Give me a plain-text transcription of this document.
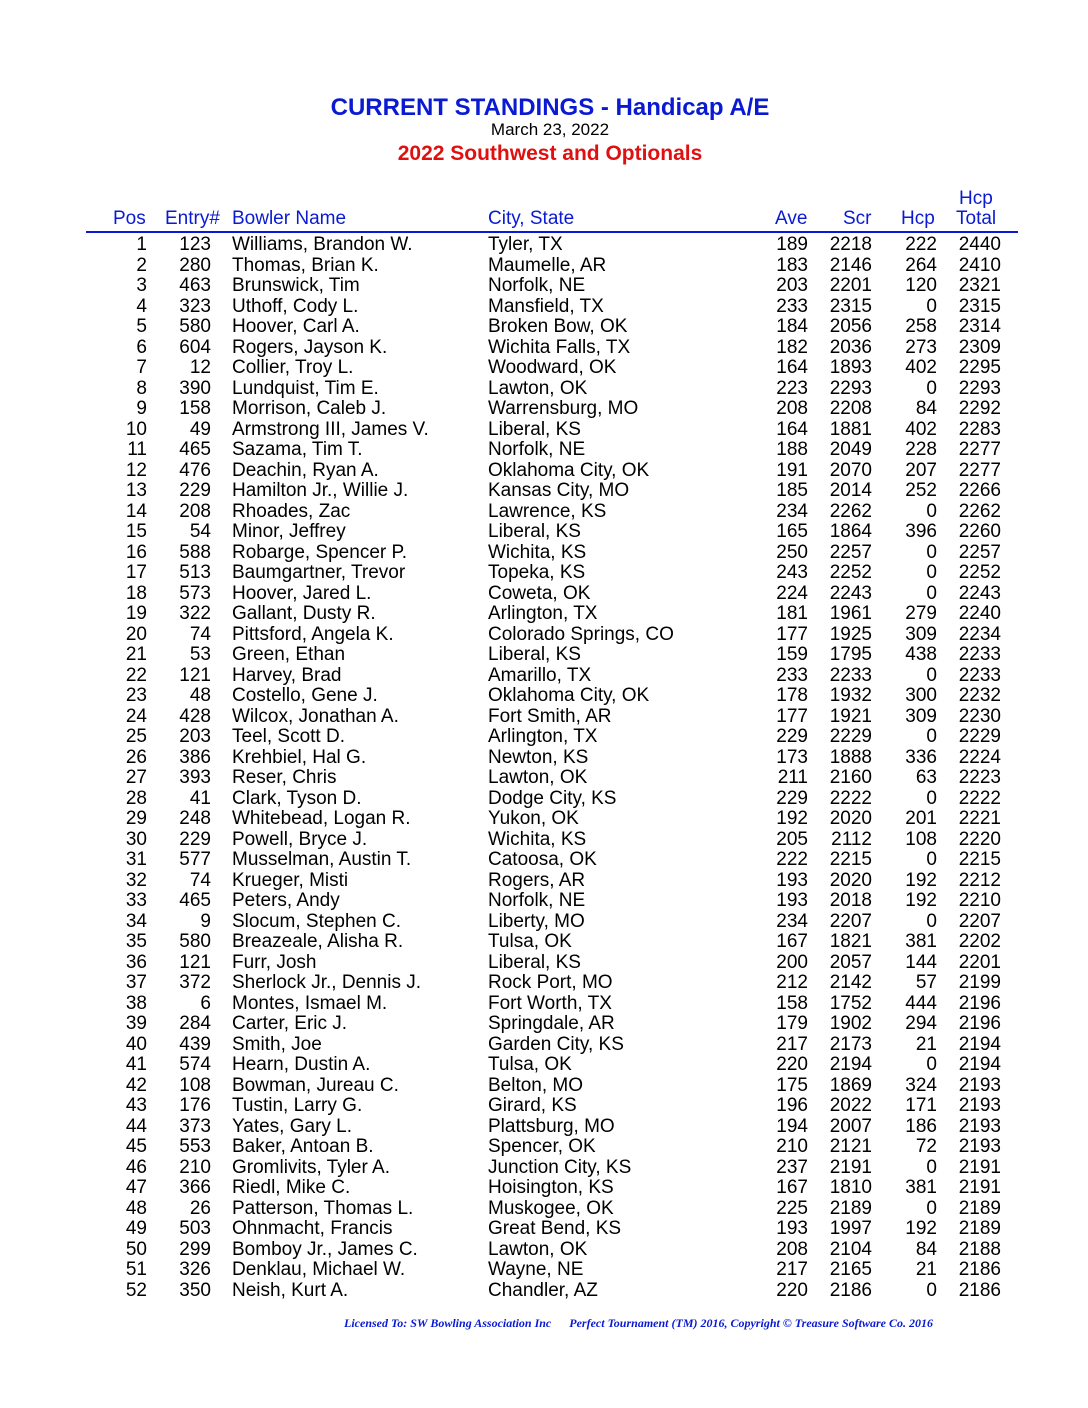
CURRENT STANDINGS - Handicap A/E
March 23, 2022
2022 Southwest and Optionals
Pos Entry# Bowler Name	City, State	Ave Scr Hcp
Hcp
Total
1 123 Williams, Brandon W.	Tyler, TX	189 2218 222 2440
2 280 Thomas, Brian K.	Maumelle, AR	183 2146 264 2410
3 463 Brunswick, Tim	Norfolk, NE	203 2201 120 2321
4 323 Uthoff, Cody L.	Mansfield, TX	233 2315	0 2315
5 580 Hoover, Carl A.	Broken Bow, OK	184 2056 258 2314
6 604 Rogers, Jayson K.	Wichita Falls, TX	182 2036 273 2309
7 12 Collier, Troy L.	Woodward, OK	164 1893 402 2295
8 390 Lundquist, Tim E.	Lawton, OK	223 2293	0 2293
9 158 Morrison, Caleb J.	Warrensburg, MO	208 2208 84 2292
10 49 Armstrong III, James V.	Liberal, KS	164 1881 402 2283
11 465 Sazama, Tim T.	Norfolk, NE	188 2049 228 2277
12 476 Deachin, Ryan A.	Oklahoma City, OK	191 2070 207 2277
13 229 Hamilton Jr., Willie J.	Kansas City, MO	185 2014 252 2266
14 208 Rhoades, Zac	Lawrence, KS	234 2262	0 2262
15 54 Minor, Jeffrey	Liberal, KS	165 1864 396 2260
16 588 Robarge, Spencer P.	Wichita, KS	250 2257	0 2257
17 513 Baumgartner, Trevor	Topeka, KS	243 2252	0 2252
18 573 Hoover, Jared L.	Coweta, OK	224 2243	0 2243
19 322 Gallant, Dusty R.	Arlington, TX	181 1961 279 2240
20 74 Pittsford, Angela K.	Colorado Springs, CO	177 1925 309 2234
21 53 Green, Ethan	Liberal, KS	159 1795 438 2233
22 121 Harvey, Brad	Amarillo, TX	233 2233	0 2233
23 48 Costello, Gene J.	Oklahoma City, OK	178 1932 300 2232
24 428 Wilcox, Jonathan A.	Fort Smith, AR	177 1921 309 2230
25 203 Teel, Scott D.	Arlington, TX	229 2229	0 2229
26 386 Krehbiel, Hal G.	Newton, KS	173 1888 336 2224
27 393 Reser, Chris	Lawton, OK	211 2160 63 2223
28 41 Clark, Tyson D.	Dodge City, KS	229 2222	0 2222
29 248 Whitebead, Logan R.	Yukon, OK	192 2020 201 2221
30 229 Powell, Bryce J.	Wichita, KS	205 2112 108 2220
31 577 Musselman, Austin T.	Catoosa, OK	222 2215	0 2215
32 74 Krueger, Misti	Rogers, AR	193 2020 192 2212
33 465 Peters, Andy	Norfolk, NE	193 2018 192 2210
34	9 Slocum, Stephen C.	Liberty, MO	234 2207	0 2207
35 580 Breazeale, Alisha R.	Tulsa, OK	167 1821 381 2202
36 121 Furr, Josh	Liberal, KS	200 2057 144 2201
37 372 Sherlock Jr., Dennis J.	Rock Port, MO	212 2142 57 2199
38	6 Montes, Ismael M.	Fort Worth, TX	158 1752 444 2196
39 284 Carter, Eric J.	Springdale, AR	179 1902 294 2196
40 439 Smith, Joe	Garden City, KS	217 2173 21 2194
41 574 Hearn, Dustin A.	Tulsa, OK	220 2194	0 2194
42 108 Bowman, Jureau C.	Belton, MO	175 1869 324 2193
43 176 Tustin, Larry G.	Girard, KS	196 2022 171 2193
44 373 Yates, Gary L.	Plattsburg, MO	194 2007 186 2193
45 553 Baker, Antoan B.	Spencer, OK	210 2121 72 2193
46 210 Gromlivits, Tyler A.	Junction City, KS	237 2191	0 2191
47 366 Riedl, Mike C.	Hoisington, KS	167 1810 381 2191
48 26 Patterson, Thomas L.	Muskogee, OK	225 2189	0 2189
49 503 Ohnmacht, Francis	Great Bend, KS	193 1997 192 2189
50 299 Bomboy Jr., James C.	Lawton, OK	208 2104 84 2188
51 326 Denklau, Michael W.	Wayne, NE	217 2165 21 2186
52 350 Neish, Kurt A.	Chandler, AZ	220 2186	0 2186
Licensed To: SW Bowling Association Inc Perfect Tournament (TM) 2016, Copyright © Treasure Software Co. 2016
